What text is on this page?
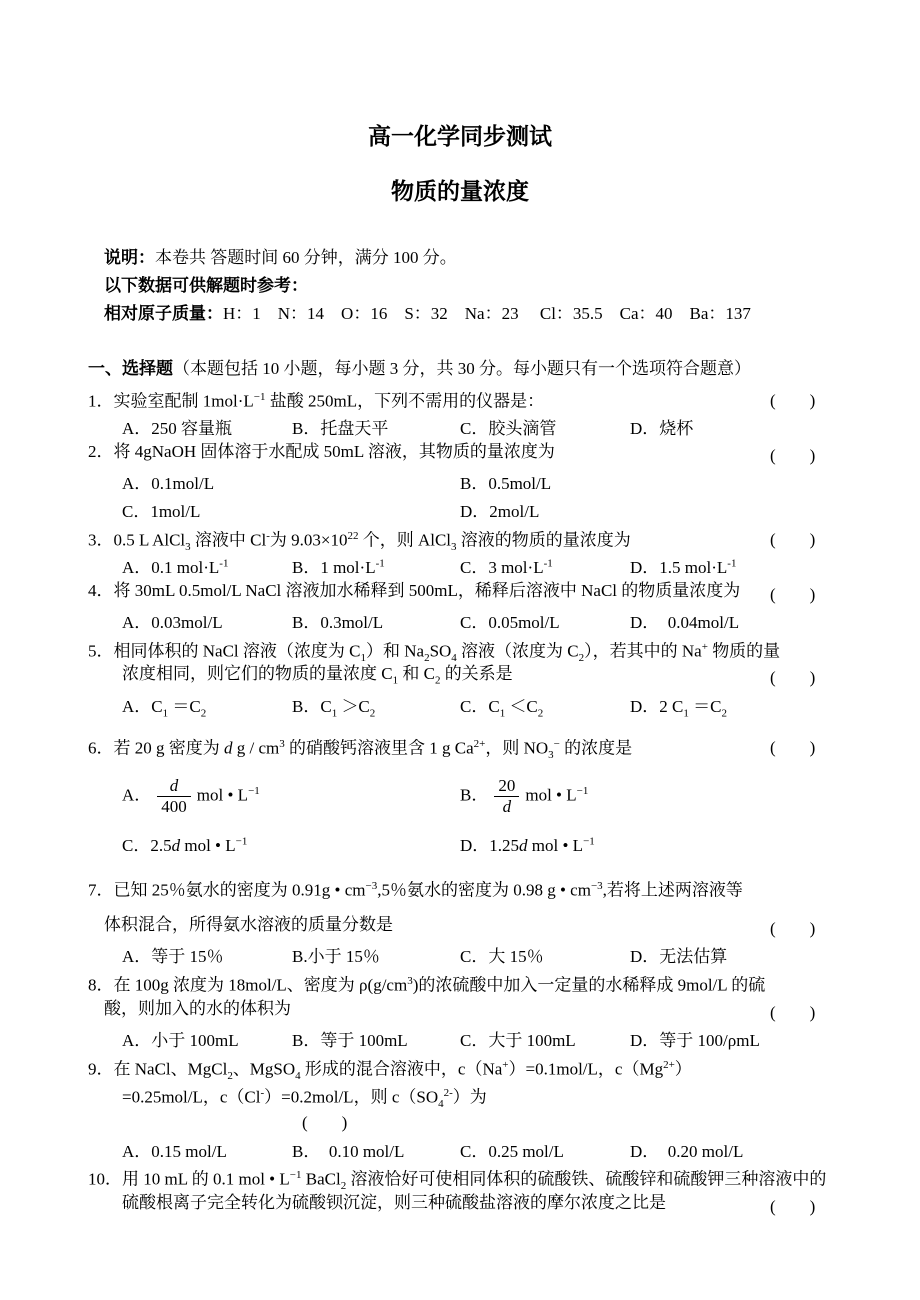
高一化学同步测试
物质的量浓度
说明：本卷共 答题时间 60 分钟，满分 100 分。
以下数据可供解题时参考：
相对原子质量：H：1　N：14　O：16　S：32　Na：23　 Cl：35.5　Ca：40　Ba：137
一、选择题（本题包括 10 小题，每小题 3 分，共 30 分。每小题只有一个选项符合题意）
1．实验室配制 $1mol\cdot L^{-1}$ 盐酸 250mL，下列不需用的仪器是：	(　　)
A．250 容量瓶	B．托盘天平	C．胶头滴管	D．烧杯
2．将 4gNaOH 固体溶于水配成 50mL 溶液，其物质的量浓度为	(　　)
A．0.1mol/L	B．0.5mol/L
C．1mol/L	D．2mol/L
3．0.5 L AlCl$_3$ 溶液中 Cl-为 $9.03\times 10^{22}$ 个，则 AlCl$_3$ 溶液的物质的量浓度为	(　　)
A．0.1 $mol\cdot L^{-1}$	B．1 $mol\cdot L^{-1}$	C．3 $mol\cdot L^{-1}$	D．1.5 $mol\cdot L^{-1}$
4．将 30mL 0.5mol/L NaCl 溶液加水稀释到 500mL，稀释后溶液中 NaCl 的物质量浓度为 (　　)
A．0.03mol/L	B．0.3mol/L	C．0.05mol/L	D．　0.04mol/L
5．相同体积的 NaCl 溶液（浓度为 $C_1$）和 $Na_2SO_4$ 溶液（浓度为 $C_2$），若其中的 Na+ 物质的量
浓度相同，则它们的物质的量浓度 $C_1$ 和 $C_2$ 的关系是	(　　)
A．$C_1 =C_2$	B．$C_1 >C_2$	C．$C_1 <C_2$	D．2 $C_1 =C_2$
6．若 20 g 密度为 d g / $cm^3$ 的硝酸钙溶液里含 1 g $Ca^{2+}$，则 $NO_3^-$ 的浓度是	(　　)
A． $\frac{d}{400}$ mol • $L^{-1}$	B． $\frac{20}{d}$ mol • $L^{-1}$
C．2.5d mol • $L^{-1}$	D．1.25d mol • $L^{-1}$
7．已知 25％氨水的密度为 0.91g • $cm^{-3},5$％氨水的密度为 0.98 g • $cm^{-3}$,若将上述两溶液等
体积混合，所得氨水溶液的质量分数是	(　　)
A．等于 15％	B.小于 15％	C．大 15％	D．无法估算
8．在 100g 浓度为 18mol/L、密度为 $\rho(g/cm^3)$的浓硫酸中加入一定量的水稀释成 9mol/L 的硫
酸，则加入的水的体积为	(　　)
A．小于 100mL	B．等于 100mL	C．大于 100mL	D．等于 100/ρmL
9．在 NaCl、MgCl$_2$、MgSO$_4$ 形成的混合溶液中，c（Na+）=0.1mol/L，$c(Mg^{2+})$
=0.25mol/L，c（Cl-）=0.2mol/L，则 $c(SO_4^{2-})$为
(　　)
A．0.15 mol/L	B．　0.10 mol/L	C．0.25 mol/L	D．　0.20 mol/L
10．用 10 mL 的 0.1 mol • $L^{-1}$ BaCl$_2$ 溶液恰好可使相同体积的硫酸铁、硫酸锌和硫酸钾三种溶液中的
硫酸根离子完全转化为硫酸钡沉淀，则三种硫酸盐溶液的摩尔浓度之比是	(　　)
